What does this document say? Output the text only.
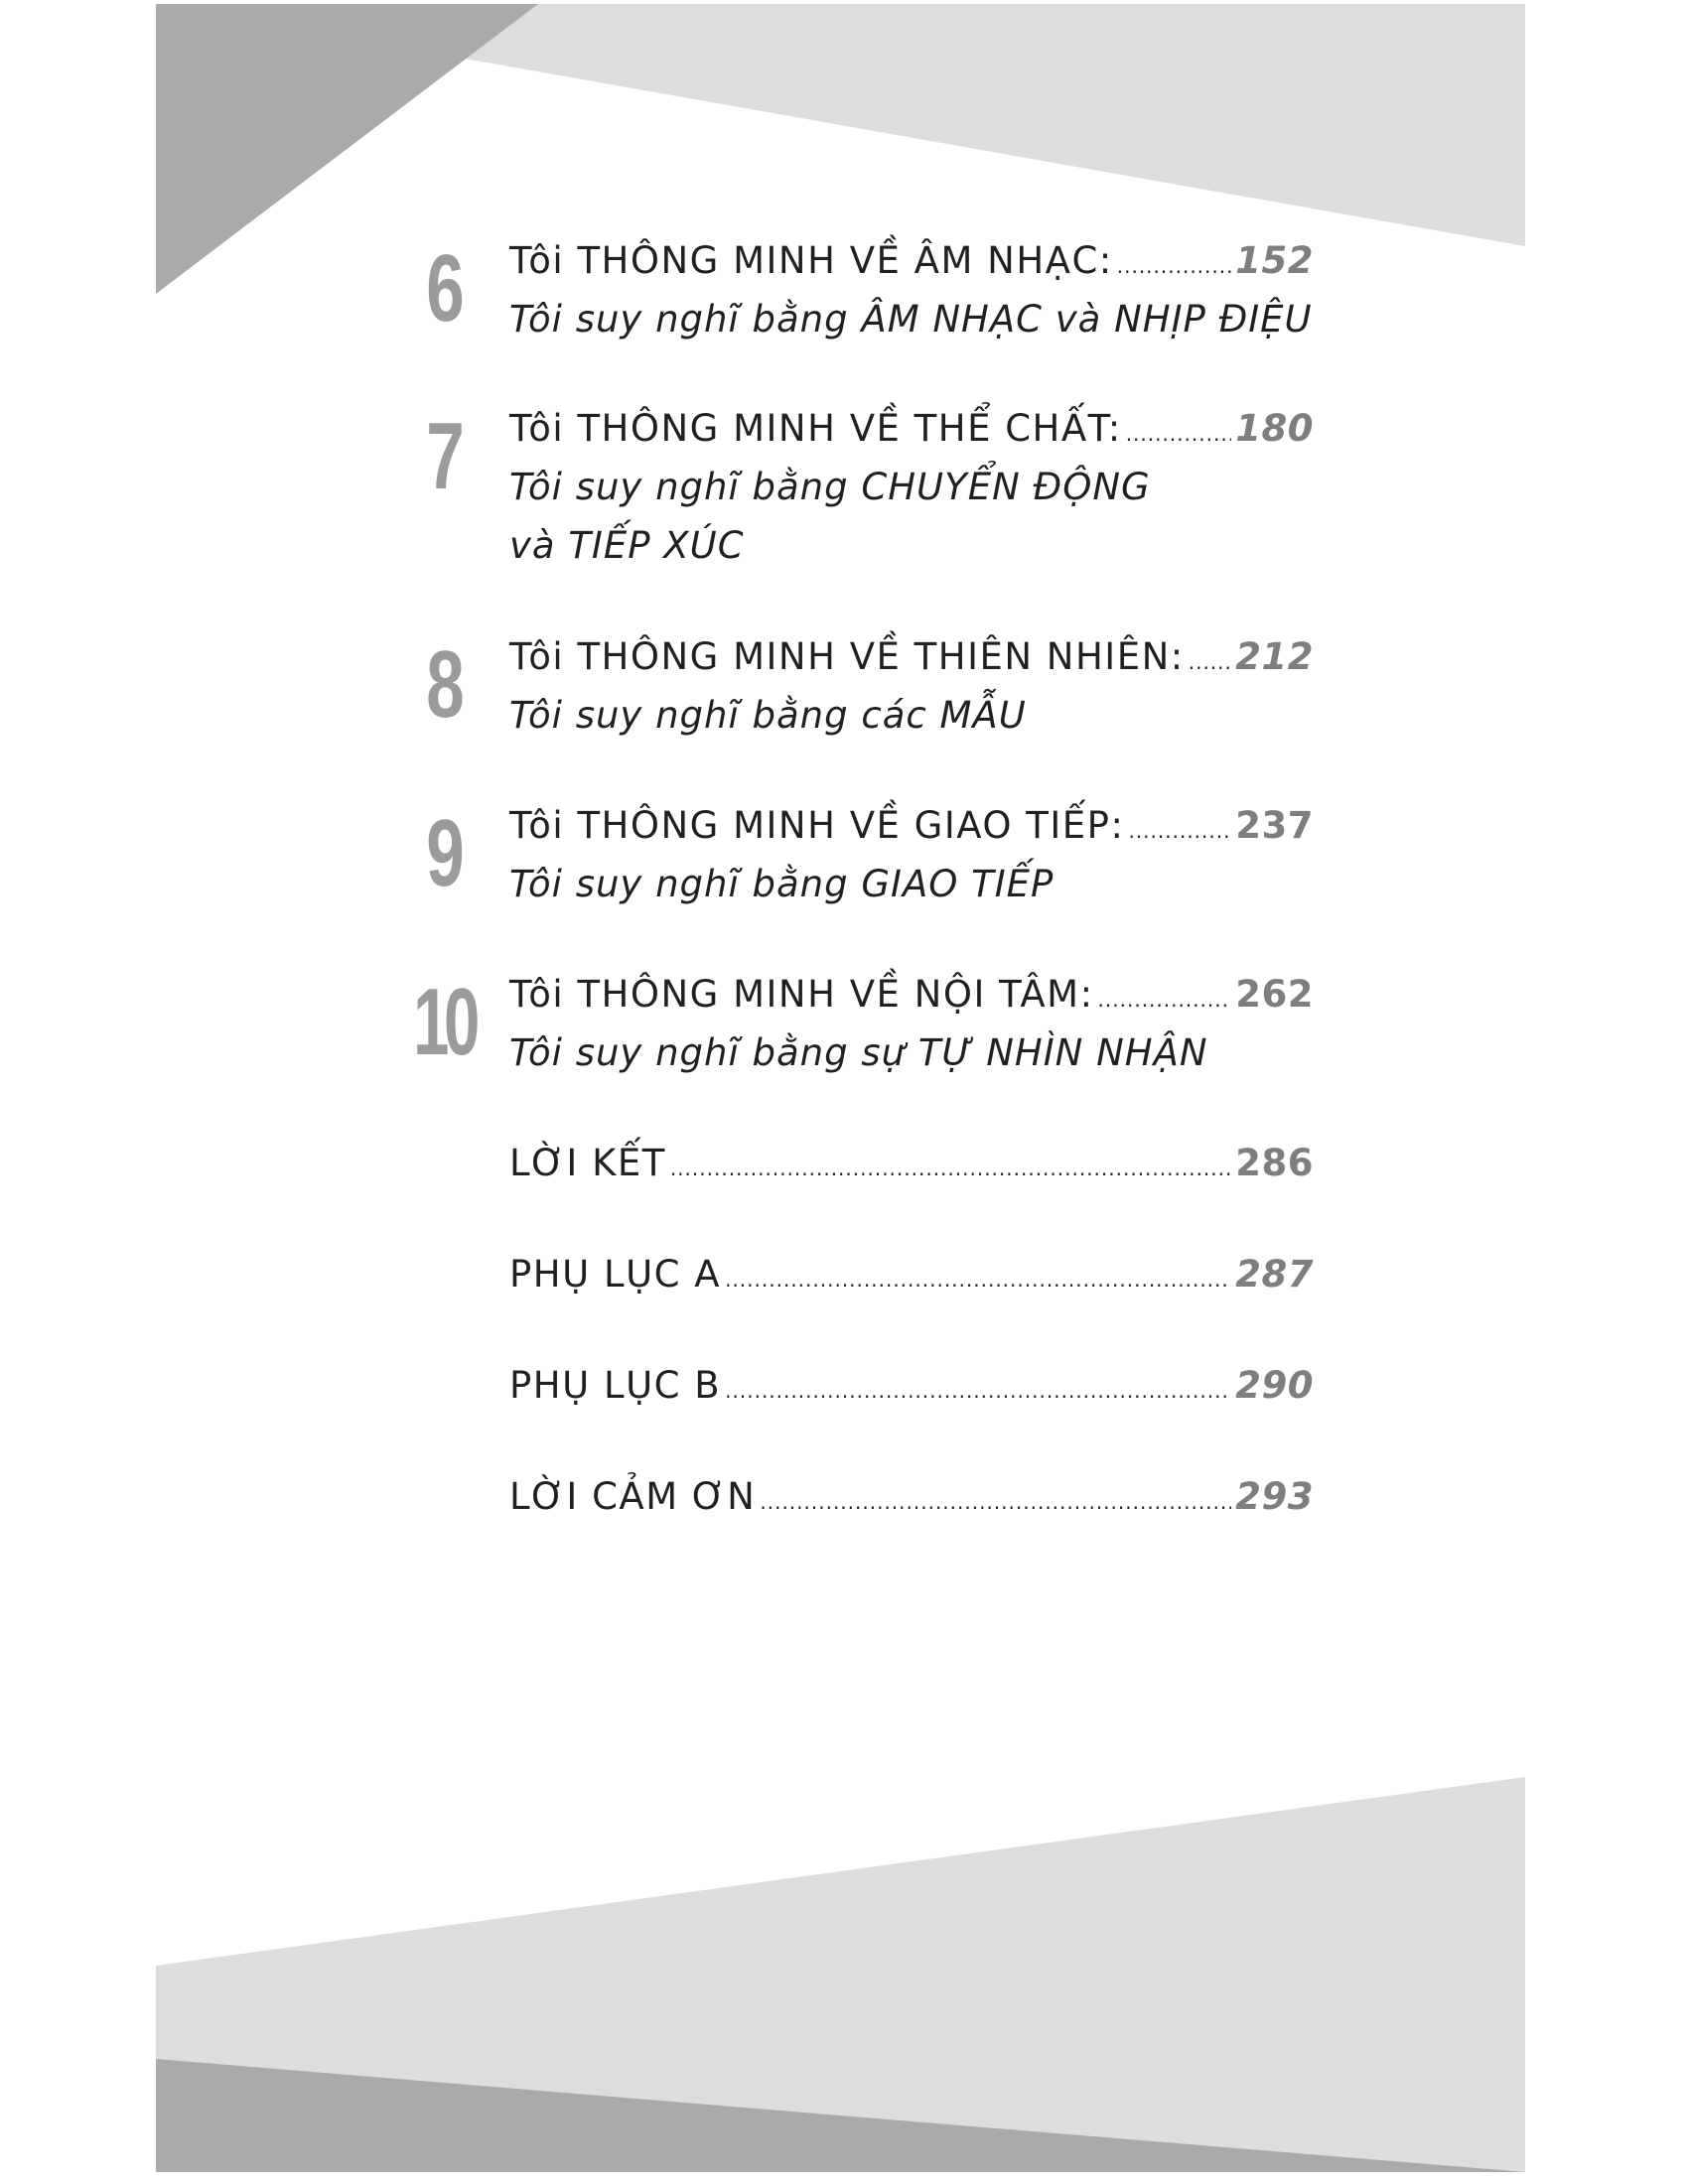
6	Tôi THÔNG MINH VỀ ÂM NHẠC: .....	152
Tôi suy nghĩ bằng ÂM NHẠC và NHỊP ĐIỆU
7	Tôi THÔNG MINH VỀ THỂ CHẤT: .....	180
Tôi suy nghĩ bằng CHUYỂN ĐỘNG
và TIẾP XÚC
8	Tôi THÔNG MINH VỀ THIÊN NHIÊN: ..... 212
Tôi suy nghĩ bằng các MẪU
9	Tôi THÔNG MINH VỀ GIAO TIẾP: .....	237
Tôi suy nghĩ bằng GIAO TIẾP
10 Tôi THÔNG MINH VỀ NỘI TÂM: .....	262
Tôi suy nghĩ bằng sự TỰ NHÌN NHẬN
LỜI KẾT .....	286
PHỤ LỤC A .....	287
PHỤ LỤC B .....	290
LỜI CẢM ƠN .....	293
